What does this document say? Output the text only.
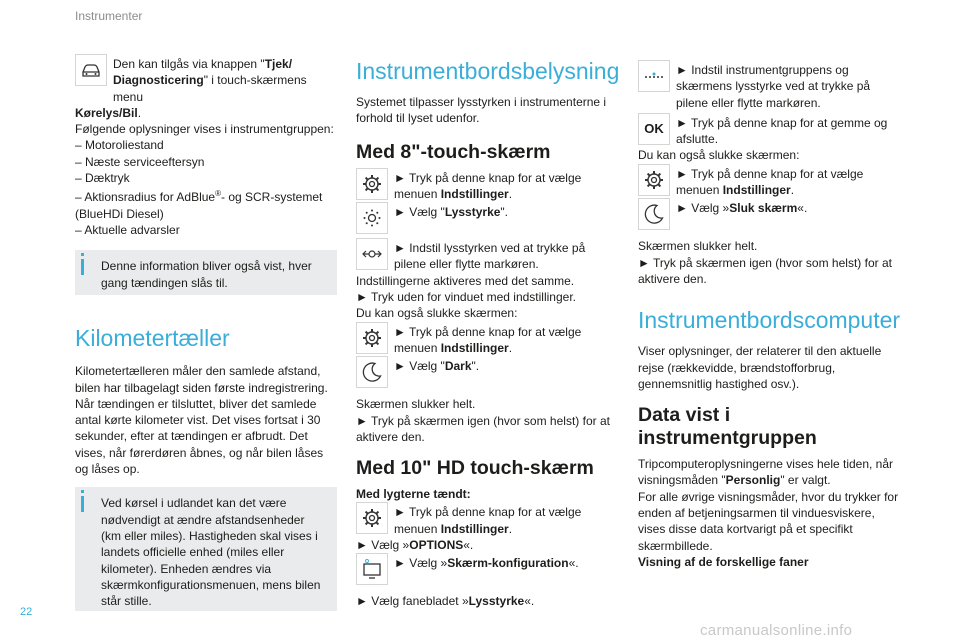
Instrumenter
Den kan tilgås via knappen "Tjek/ Diagnosticering" i touch-skærmens menu
Kørelys/Bil.
Følgende oplysninger vises i instrumentgruppen:
– Motoroliestand
– Næste serviceeftersyn
– Dæktryk
– Aktionsradius for AdBlue®- og SCR-systemet
(BlueHDi Diesel)
– Aktuelle advarsler
Denne information bliver også vist, hver gang tændingen slås til.
Kilometertæller
Kilometertælleren måler den samlede afstand, bilen har tilbagelagt siden første indregistrering. Når tændingen er tilsluttet, bliver det samlede antal kørte kilometer vist. Det vises fortsat i 30 sekunder, efter at tændingen er afbrudt. Det vises, når førerdøren åbnes, og når bilen låses og låses op.
Ved kørsel i udlandet kan det være nødvendigt at ændre afstandsenheder (km eller miles). Hastigheden skal vises i landets officielle enhed (miles eller kilometer). Enheden ændres via skærmkonfigurationsmenuen, mens bilen står stille.
Instrumentbordsbelysning
Systemet tilpasser lysstyrken i instrumenterne i forhold til lyset udenfor.
Med 8"-touch-skærm
► Tryk på denne knap for at vælge menuen Indstillinger.
► Vælg "Lysstyrke".
► Indstil lysstyrken ved at trykke på pilene eller flytte markøren.
Indstillingerne aktiveres med det samme.
► Tryk uden for vinduet med indstillinger.
Du kan også slukke skærmen:
► Tryk på denne knap for at vælge menuen Indstillinger.
► Vælg "Dark".
Skærmen slukker helt.
► Tryk på skærmen igen (hvor som helst) for at aktivere den.
Med 10" HD touch-skærm
Med lygterne tændt:
► Tryk på denne knap for at vælge menuen Indstillinger.
► Vælg »OPTIONS«.
► Vælg »Skærm-konfiguration«.
► Vælg fanebladet »Lysstyrke«.
► Indstil instrumentgruppens og skærmens lysstyrke ved at trykke på pilene eller flytte markøren.
OK ► Tryk på denne knap for at gemme og afslutte.
Du kan også slukke skærmen:
► Tryk på denne knap for at vælge menuen Indstillinger.
► Vælg »Sluk skærm«.
Skærmen slukker helt.
► Tryk på skærmen igen (hvor som helst) for at aktivere den.
Instrumentbordscomputer
Viser oplysninger, der relaterer til den aktuelle rejse (rækkevidde, brændstofforbrug, gennemsnitlig hastighed osv.).
Data vist i instrumentgruppen
Tripcomputeroplysningerne vises hele tiden, når visningsmåden "Personlig" er valgt.
For alle øvrige visningsmåder, hvor du trykker for enden af betjeningsarmen til vinduesviskere, vises disse data kortvarigt på et specifikt skærmbillede.
Visning af de forskellige faner
22
carmanualsonline.info
